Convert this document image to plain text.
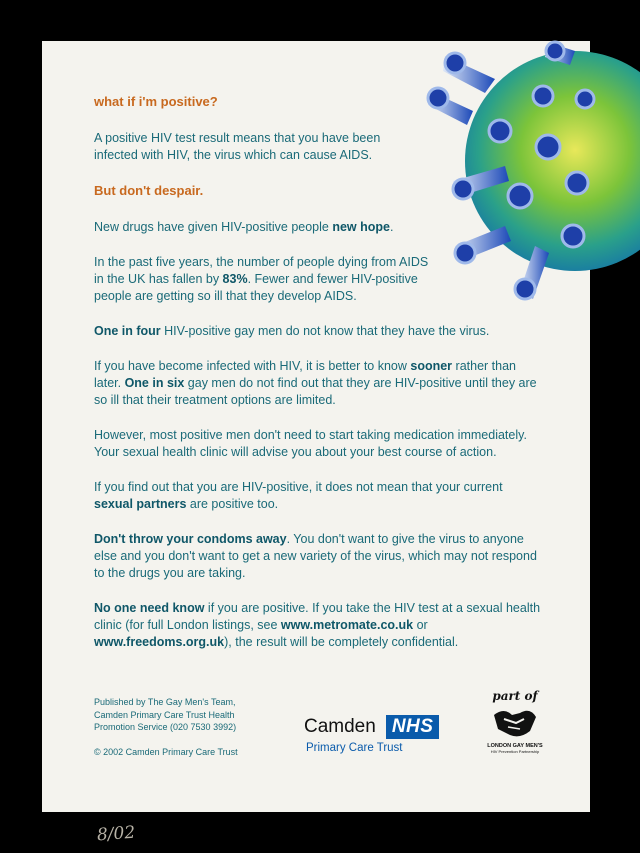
what if i'm positive?

A positive HIV test result means that you have been infected with HIV, the virus which can cause AIDS.

But don't despair.

New drugs have given HIV-positive people new hope.

In the past five years, the number of people dying from AIDS in the UK has fallen by 83%. Fewer and fewer HIV-positive people are getting so ill that they develop AIDS.

One in four HIV-positive gay men do not know that they have the virus.

If you have become infected with HIV, it is better to know sooner rather than later. One in six gay men do not find out that they are HIV-positive until they are so ill that their treatment options are limited.

However, most positive men don't need to start taking medication immediately. Your sexual health clinic will advise you about your best course of action.

If you find out that you are HIV-positive, it does not mean that your current sexual partners are positive too.

Don't throw your condoms away. You don't want to give the virus to anyone else and you don't want to get a new variety of the virus, which may not respond to the drugs you are taking.

No one need know if you are positive. If you take the HIV test at a sexual health clinic (for full London listings, see www.metromate.co.uk or www.freedoms.org.uk), the result will be completely confidential.

Published by The Gay Men's Team, Camden Primary Care Trust Health Promotion Service (020 7530 3992)

© 2002 Camden Primary Care Trust

Camden NHS
Primary Care Trust
part of
LONDON GAY MEN'S
HIV Prevention Partnership
8/02
